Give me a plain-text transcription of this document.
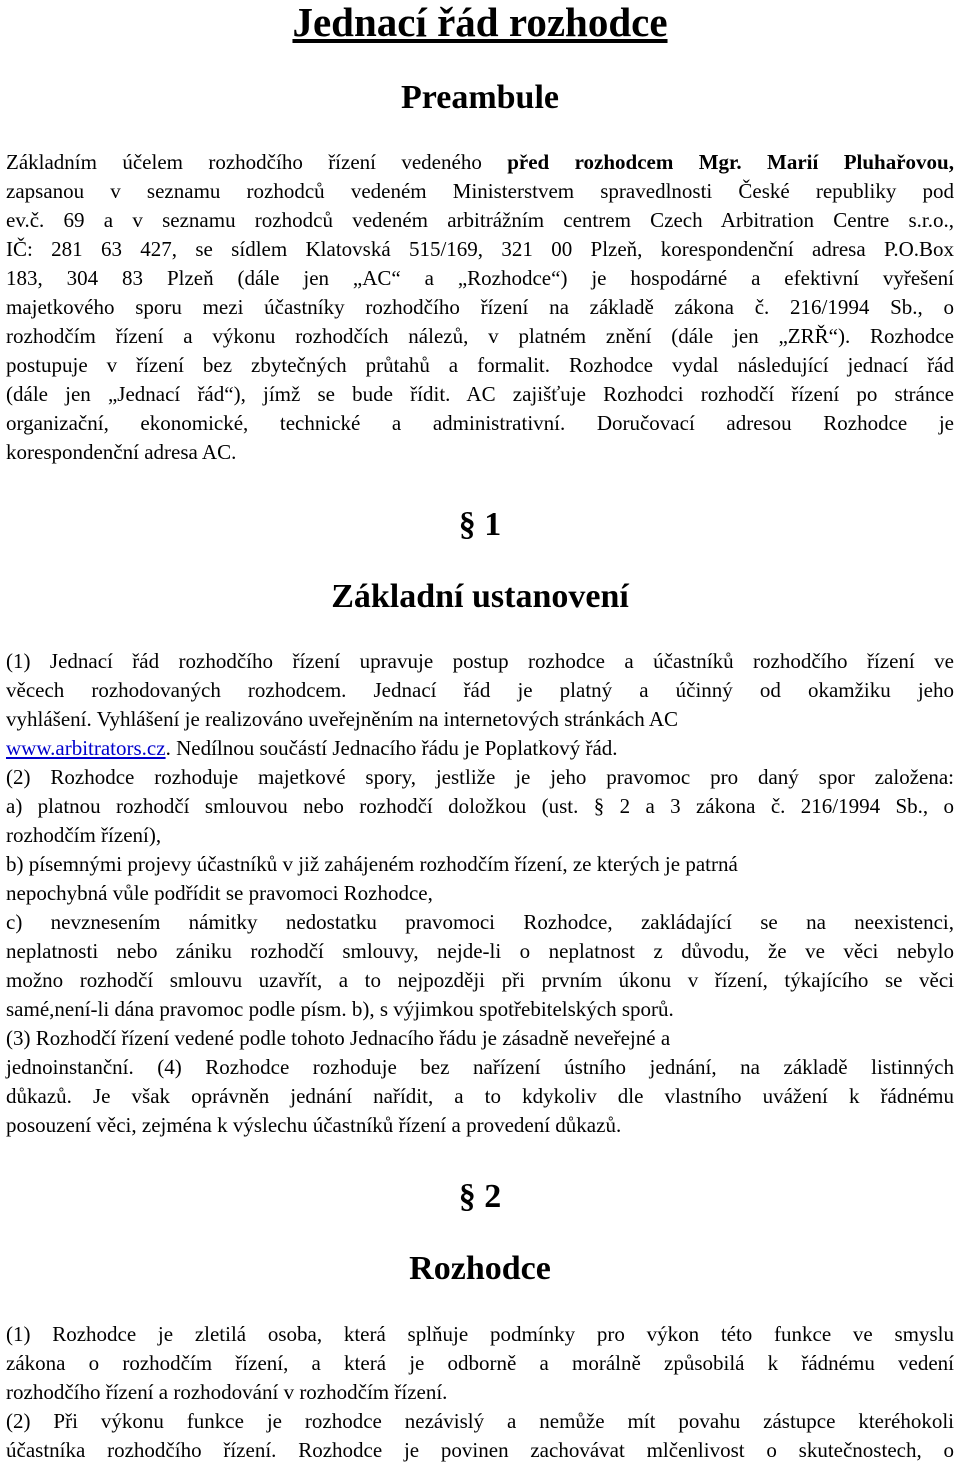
Jednací řád rozhodce
Preambule
Základním účelem rozhodčího řízení vedeného před rozhodcem Mgr. Marií Pluhařovou,
zapsanou v seznamu rozhodců vedeném Ministerstvem spravedlnosti České republiky pod
ev.č. 69 a v seznamu rozhodců vedeném arbitrážním centrem Czech Arbitration Centre s.r.o.,
IČ: 281 63 427, se sídlem Klatovská 515/169, 321 00 Plzeň, korespondenční adresa P.O.Box
183, 304 83 Plzeň (dále jen „AC“ a „Rozhodce“) je hospodárné a efektivní vyřešení
majetkového sporu mezi účastníky rozhodčího řízení na základě zákona č. 216/1994 Sb., o
rozhodčím řízení a výkonu rozhodčích nálezů, v platném znění (dále jen „ZRŘ“). Rozhodce
postupuje v řízení bez zbytečných průtahů a formalit. Rozhodce vydal následující jednací řád
(dále jen „Jednací řád“), jímž se bude řídit. AC zajišťuje Rozhodci rozhodčí řízení po stránce
organizační, ekonomické, technické a administrativní. Doručovací adresou Rozhodce je
korespondenční adresa AC.
§ 1
Základní ustanovení
(1) Jednací řád rozhodčího řízení upravuje postup rozhodce a účastníků rozhodčího řízení ve
věcech rozhodovaných rozhodcem. Jednací řád je platný a účinný od okamžiku jeho
vyhlášení. Vyhlášení je realizováno uveřejněním na internetových stránkách AC
www.arbitrators.cz. Nedílnou součástí Jednacího řádu je Poplatkový řád.
(2) Rozhodce rozhoduje majetkové spory, jestliže je jeho pravomoc pro daný spor založena:
a) platnou rozhodčí smlouvou nebo rozhodčí doložkou (ust. § 2 a 3 zákona č. 216/1994 Sb., o
rozhodčím řízení),
b) písemnými projevy účastníků v již zahájeném rozhodčím řízení, ze kterých je patrná
nepochybná vůle podřídit se pravomoci Rozhodce,
c) nevznesením námitky nedostatku pravomoci Rozhodce, zakládající se na neexistenci,
neplatnosti nebo zániku rozhodčí smlouvy, nejde-li o neplatnost z důvodu, že ve věci nebylo
možno rozhodčí smlouvu uzavřít, a to nejpozději při prvním úkonu v řízení, týkajícího se věci
samé,není-li dána pravomoc podle písm. b), s výjimkou spotřebitelských sporů.
(3) Rozhodčí řízení vedené podle tohoto Jednacího řádu je zásadně neveřejné a
jednoinstanční. (4) Rozhodce rozhoduje bez nařízení ústního jednání, na základě listinných
důkazů. Je však oprávněn jednání nařídit, a to kdykoliv dle vlastního uvážení k řádnému
posouzení věci, zejména k výslechu účastníků řízení a provedení důkazů.
§ 2
Rozhodce
(1) Rozhodce je zletilá osoba, která splňuje podmínky pro výkon této funkce ve smyslu
zákona o rozhodčím řízení, a která je odborně a morálně způsobilá k řádnému vedení
rozhodčího řízení a rozhodování v rozhodčím řízení.
(2) Při výkonu funkce je rozhodce nezávislý a nemůže mít povahu zástupce kteréhokoli
účastníka rozhodčího řízení. Rozhodce je povinen zachovávat mlčenlivost o skutečnostech, o
